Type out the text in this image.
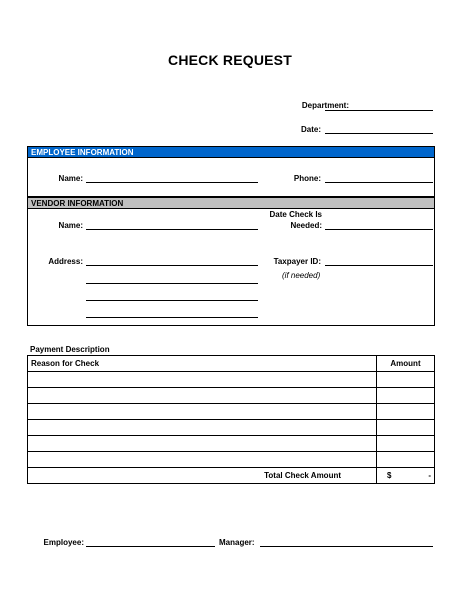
CHECK REQUEST
Department:
Date:
EMPLOYEE INFORMATION
Name:	Phone:
VENDOR INFORMATION
Name:
Date Check Is
Needed:
Address:	Taxpayer ID:
(if needed)
Payment Description
Reason for Check	Amount

Total Check Amount	$ -
Employee:	Manager:
